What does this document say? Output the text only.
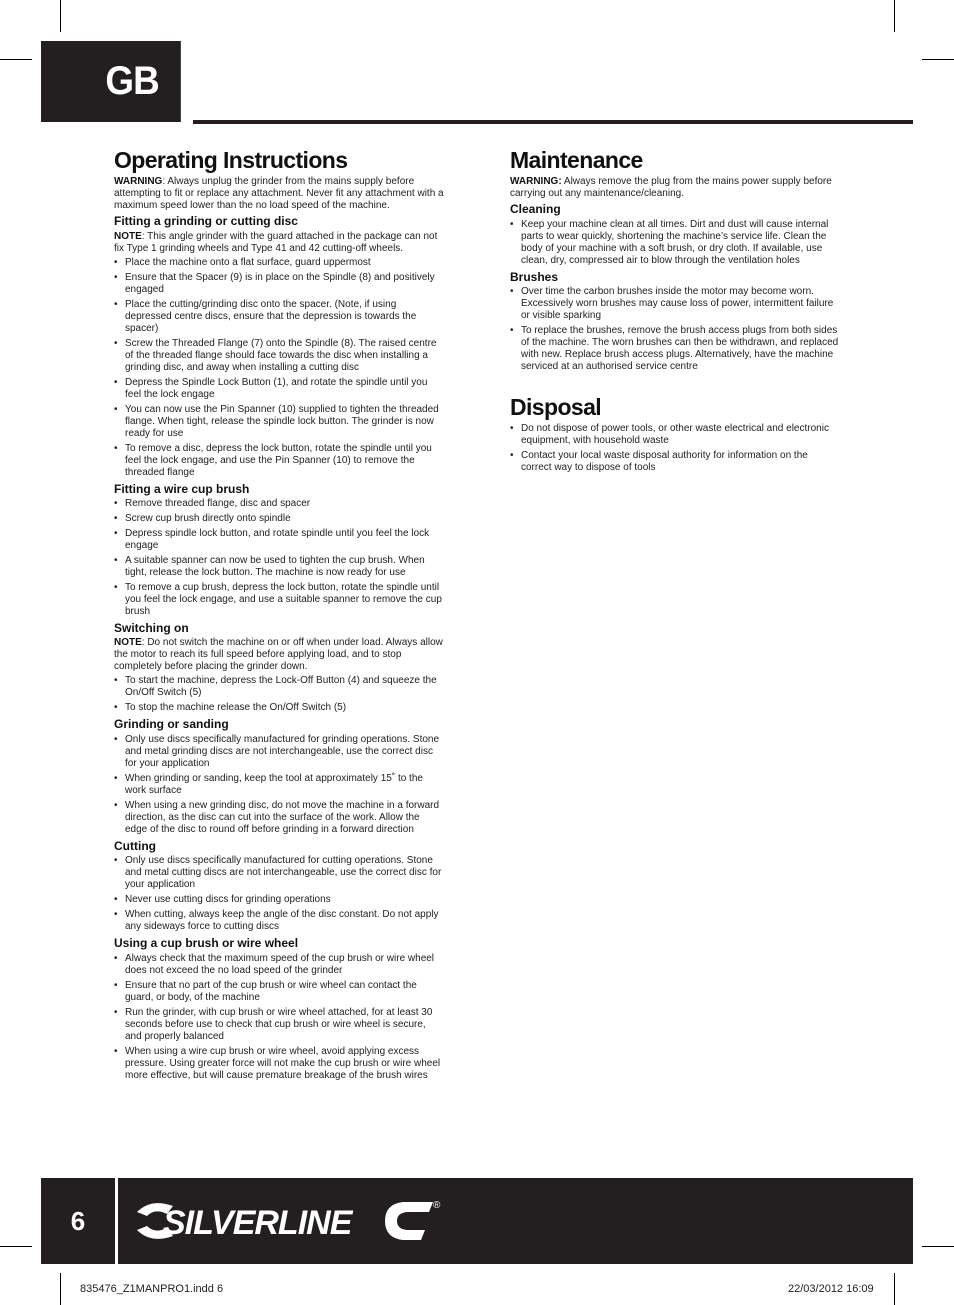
GB
Operating Instructions

WARNING: Always unplug the grinder from the mains supply before attempting to fit or replace any attachment. Never fit any attachment with a maximum speed lower than the no load speed of the machine.

Fitting a grinding or cutting disc

NOTE: This angle grinder with the guard attached in the package can not fix Type 1 grinding wheels and Type 41 and 42 cutting-off wheels.

• Place the machine onto a flat surface, guard uppermost
• Ensure that the Spacer (9) is in place on the Spindle (8) and positively engaged
• Place the cutting/grinding disc onto the spacer. (Note, if using depressed centre discs, ensure that the depression is towards the spacer)
• Screw the Threaded Flange (7) onto the Spindle (8). The raised centre of the threaded flange should face towards the disc when installing a grinding disc, and away when installing a cutting disc
• Depress the Spindle Lock Button (1), and rotate the spindle until you feel the lock engage
• You can now use the Pin Spanner (10) supplied to tighten the threaded flange. When tight, release the spindle lock button. The grinder is now ready for use
• To remove a disc, depress the lock button, rotate the spindle until you feel the lock engage, and use the Pin Spanner (10) to remove the threaded flange
Fitting a wire cup brush
• Remove threaded flange, disc and spacer
• Screw cup brush directly onto spindle
• Depress spindle lock button, and rotate spindle until you feel the lock engage
• A suitable spanner can now be used to tighten the cup brush. When tight, release the lock button. The machine is now ready for use
• To remove a cup brush, depress the lock button, rotate the spindle until you feel the lock engage, and use a suitable spanner to remove the cup brush
Switching on

NOTE: Do not switch the machine on or off when under load. Always allow the motor to reach its full speed before applying load, and to stop completely before placing the grinder down.

• To start the machine, depress the Lock-Off Button (4) and squeeze the On/Off Switch (5)
• To stop the machine release the On/Off Switch (5)
Grinding or sanding
• Only use discs specifically manufactured for grinding operations. Stone and metal grinding discs are not interchangeable, use the correct disc for your application
• When grinding or sanding, keep the tool at approximately 15˚ to the work surface
• When using a new grinding disc, do not move the machine in a forward direction, as the disc can cut into the surface of the work. Allow the edge of the disc to round off before grinding in a forward direction
Cutting
• Only use discs specifically manufactured for cutting operations. Stone and metal cutting discs are not interchangeable, use the correct disc for your application
• Never use cutting discs for grinding operations
• When cutting, always keep the angle of the disc constant. Do not apply any sideways force to cutting discs
Using a cup brush or wire wheel
• Always check that the maximum speed of the cup brush or wire wheel does not exceed the no load speed of the grinder
• Ensure that no part of the cup brush or wire wheel can contact the guard, or body, of the machine
• Run the grinder, with cup brush or wire wheel attached, for at least 30 seconds before use to check that cup brush or wire wheel is secure, and properly balanced
• When using a wire cup brush or wire wheel, avoid applying excess pressure. Using greater force will not make the cup brush or wire wheel more effective, but will cause premature breakage of the brush wires
Maintenance

WARNING: Always remove the plug from the mains power supply before carrying out any maintenance/cleaning.

Cleaning
• Keep your machine clean at all times. Dirt and dust will cause internal parts to wear quickly, shortening the machine’s service life. Clean the body of your machine with a soft brush, or dry cloth. If available, use clean, dry, compressed air to blow through the ventilation holes
Brushes
• Over time the carbon brushes inside the motor may become worn. Excessively worn brushes may cause loss of power, intermittent failure or visible sparking
• To replace the brushes, remove the brush access plugs from both sides of the machine. The worn brushes can then be withdrawn, and replaced with new. Replace brush access plugs. Alternatively, have the machine serviced at an authorised service centre
Disposal
• Do not dispose of power tools, or other waste electrical and electronic equipment, with household waste
• Contact your local waste disposal authority for information on the correct way to dispose of tools
6	SILVERLINE	®
835476_Z1MANPRO1.indd 6	22/03/2012 16:09
